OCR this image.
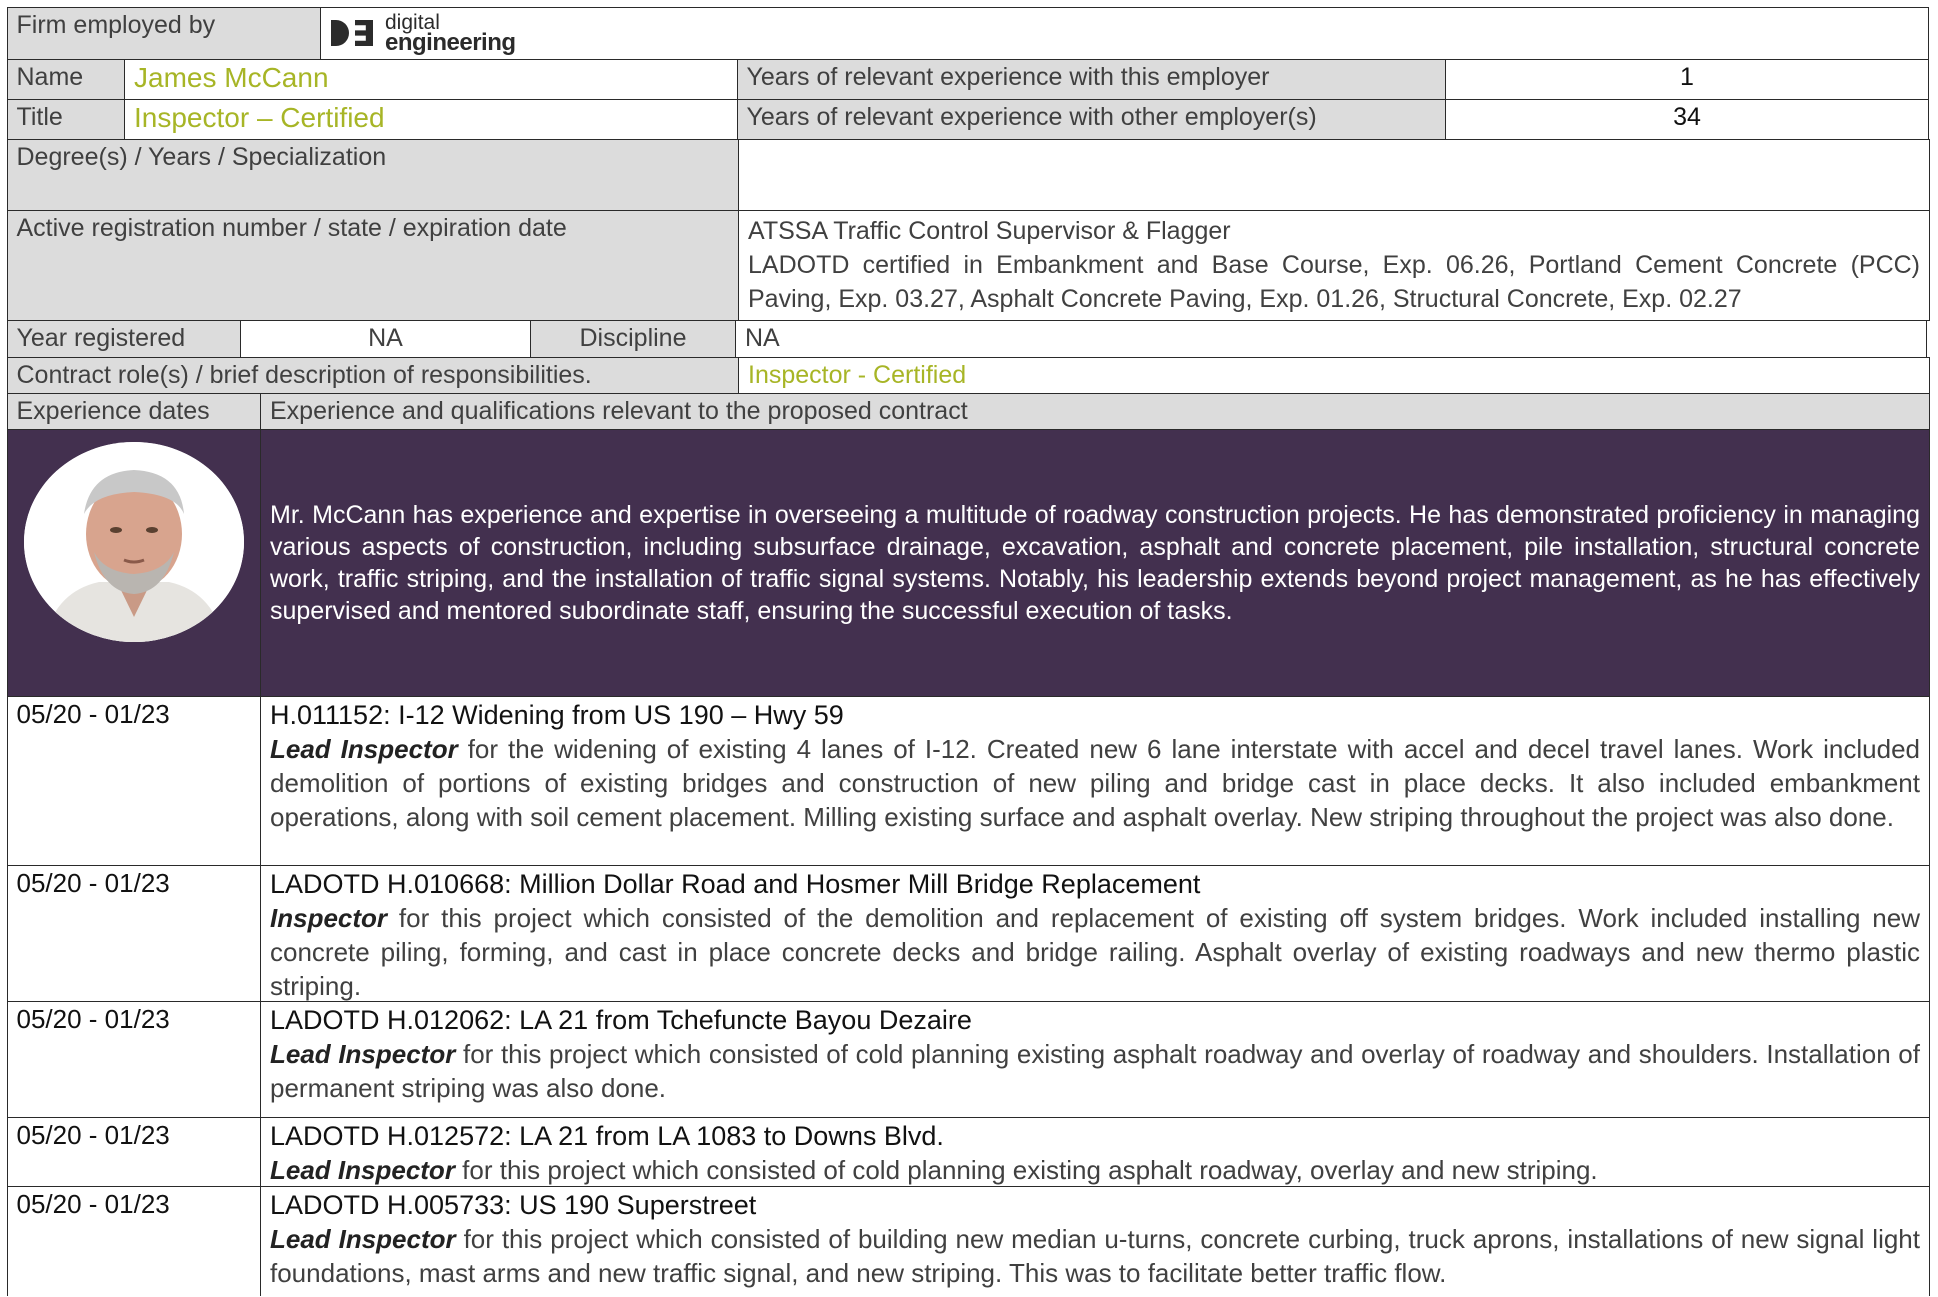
Firm employed by	digital
engineering
Name	James McCann	Years of relevant experience with this employer	1
Title	Inspector – Certified	Years of relevant experience with other employer(s)	34
Degree(s) / Years / Specialization
Active registration number / state / expiration date	ATSSA Traffic Control Supervisor & Flagger
LADOTD certified in Embankment and Base Course, Exp. 06.26, Portland Cement Concrete (PCC) Paving, Exp. 03.27, Asphalt Concrete Paving, Exp. 01.26, Structural Concrete, Exp. 02.27
Year registered	NA	Discipline	NA
Contract role(s) / brief description of responsibilities.	Inspector - Certified
Experience dates	Experience and qualifications relevant to the proposed contract
Mr. McCann has experience and expertise in overseeing a multitude of roadway construction projects. He has demonstrated proficiency in managing various aspects of construction, including subsurface drainage, excavation, asphalt and concrete placement, pile installation, structural concrete work, traffic striping, and the installation of traffic signal systems. Notably, his leadership extends beyond project management, as he has effectively supervised and mentored subordinate staff, ensuring the successful execution of tasks.
05/20 - 01/23	H.011152: I-12 Widening from US 190 – Hwy 59
Lead Inspector for the widening of existing 4 lanes of I-12. Created new 6 lane interstate with accel and decel travel lanes. Work included demolition of portions of existing bridges and construction of new piling and bridge cast in place decks. It also included embankment operations, along with soil cement placement. Milling existing surface and asphalt overlay. New striping throughout the project was also done.
05/20 - 01/23	LADOTD H.010668: Million Dollar Road and Hosmer Mill Bridge Replacement
Inspector for this project which consisted of the demolition and replacement of existing off system bridges. Work included installing new concrete piling, forming, and cast in place concrete decks and bridge railing. Asphalt overlay of existing roadways and new thermo plastic striping.
05/20 - 01/23	LADOTD H.012062: LA 21 from Tchefuncte Bayou Dezaire
Lead Inspector for this project which consisted of cold planning existing asphalt roadway and overlay of roadway and shoulders. Installation of permanent striping was also done.
05/20 - 01/23	LADOTD H.012572: LA 21 from LA 1083 to Downs Blvd.
Lead Inspector for this project which consisted of cold planning existing asphalt roadway, overlay and new striping.
05/20 - 01/23	LADOTD H.005733: US 190 Superstreet
Lead Inspector for this project which consisted of building new median u-turns, concrete curbing, truck aprons, installations of new signal light foundations, mast arms and new traffic signal, and new striping. This was to facilitate better traffic flow.
